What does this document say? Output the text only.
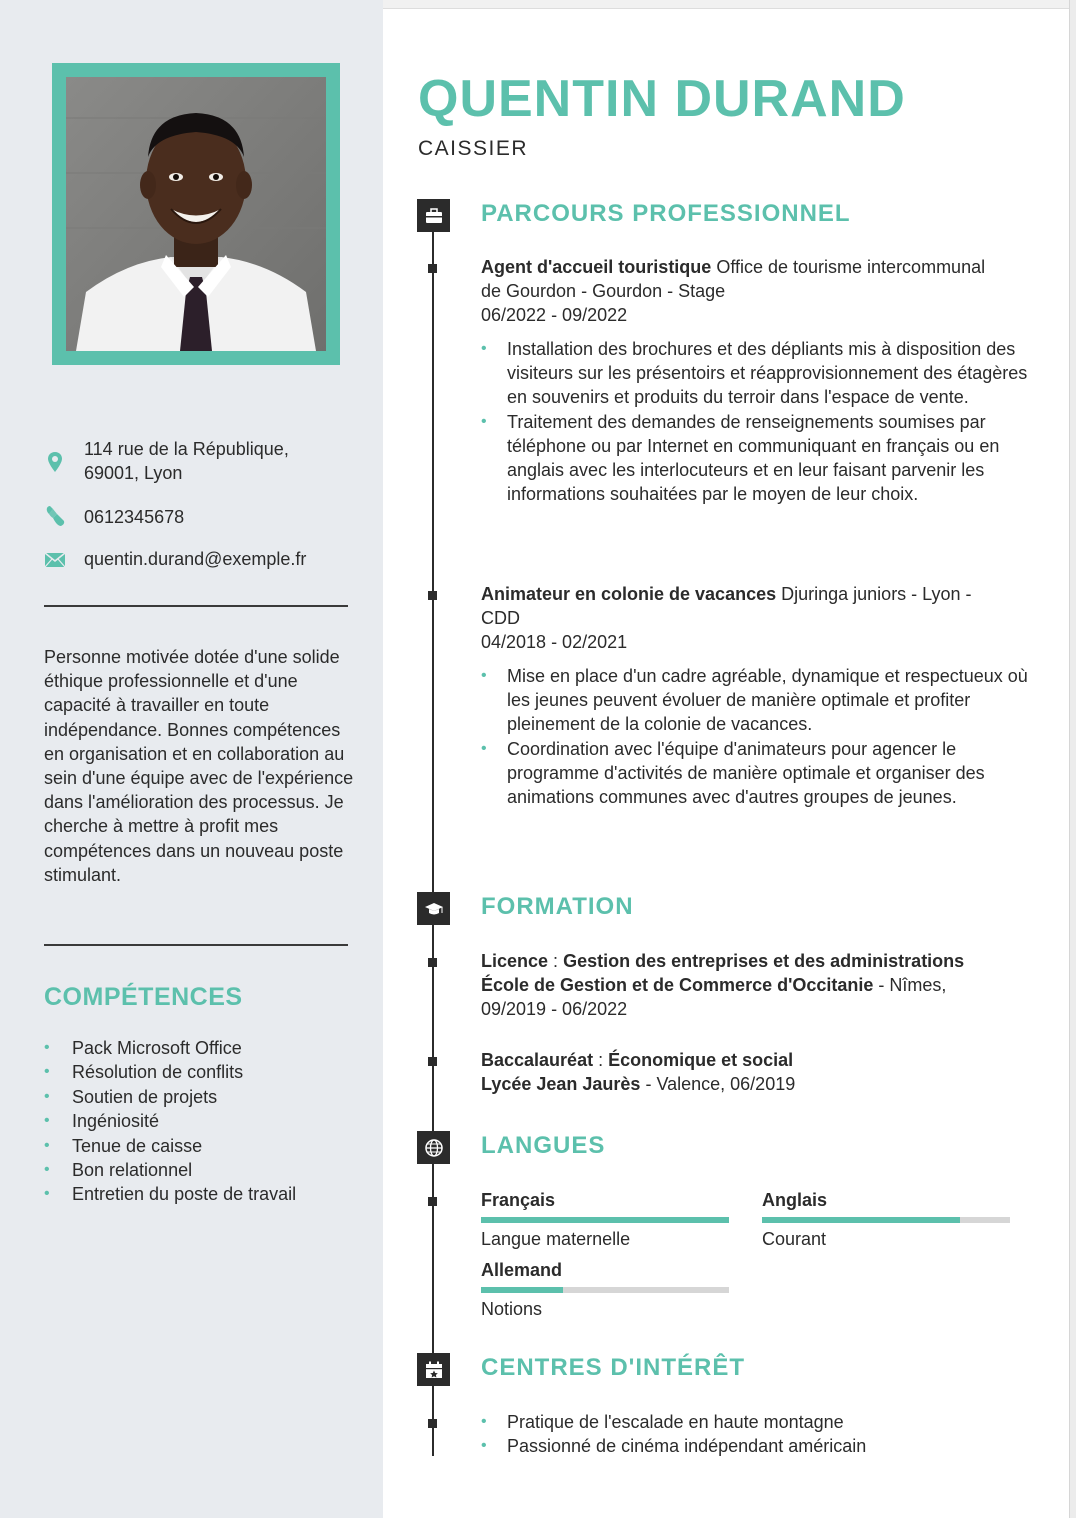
114 rue de la République,
69001, Lyon
0612345678
quentin.durand@exemple.fr

Personne motivée dotée d'une solide éthique professionnelle et d'une capacité à travailler en toute indépendance. Bonnes compétences en organisation et en collaboration au sein d'une équipe avec de l'expérience dans l'amélioration des processus. Je cherche à mettre à profit mes compétences dans un nouveau poste stimulant.

COMPÉTENCES
• Pack Microsoft Office
• Résolution de conflits
• Soutien de projets
• Ingéniosité
• Tenue de caisse
• Bon relationnel
• Entretien du poste de travail
QUENTIN DURAND
CAISSIER
PARCOURS PROFESSIONNEL
Agent d'accueil touristique Office de tourisme intercommunal
de Gourdon - Gourdon - Stage
06/2022 - 09/2022
• Installation des brochures et des dépliants mis à disposition des visiteurs sur les présentoirs et réapprovisionnement des étagères en souvenirs et produits du terroir dans l'espace de vente.
• Traitement des demandes de renseignements soumises par téléphone ou par Internet en communiquant en français ou en anglais avec les interlocuteurs et en leur faisant parvenir les informations souhaitées par le moyen de leur choix.
Animateur en colonie de vacances Djuringa juniors - Lyon -
CDD
04/2018 - 02/2021
• Mise en place d'un cadre agréable, dynamique et respectueux où les jeunes peuvent évoluer de manière optimale et profiter pleinement de la colonie de vacances.
• Coordination avec l'équipe d'animateurs pour agencer le programme d'activités de manière optimale et organiser des animations communes avec d'autres groupes de jeunes.
FORMATION
Licence : Gestion des entreprises et des administrations
École de Gestion et de Commerce d'Occitanie - Nîmes,
09/2019 - 06/2022
Baccalauréat : Économique et social
Lycée Jean Jaurès - Valence, 06/2019
LANGUES
Français
Langue maternelle
Anglais
Courant
Allemand
Notions
CENTRES D'INTÉRÊT
• Pratique de l'escalade en haute montagne
• Passionné de cinéma indépendant américain
